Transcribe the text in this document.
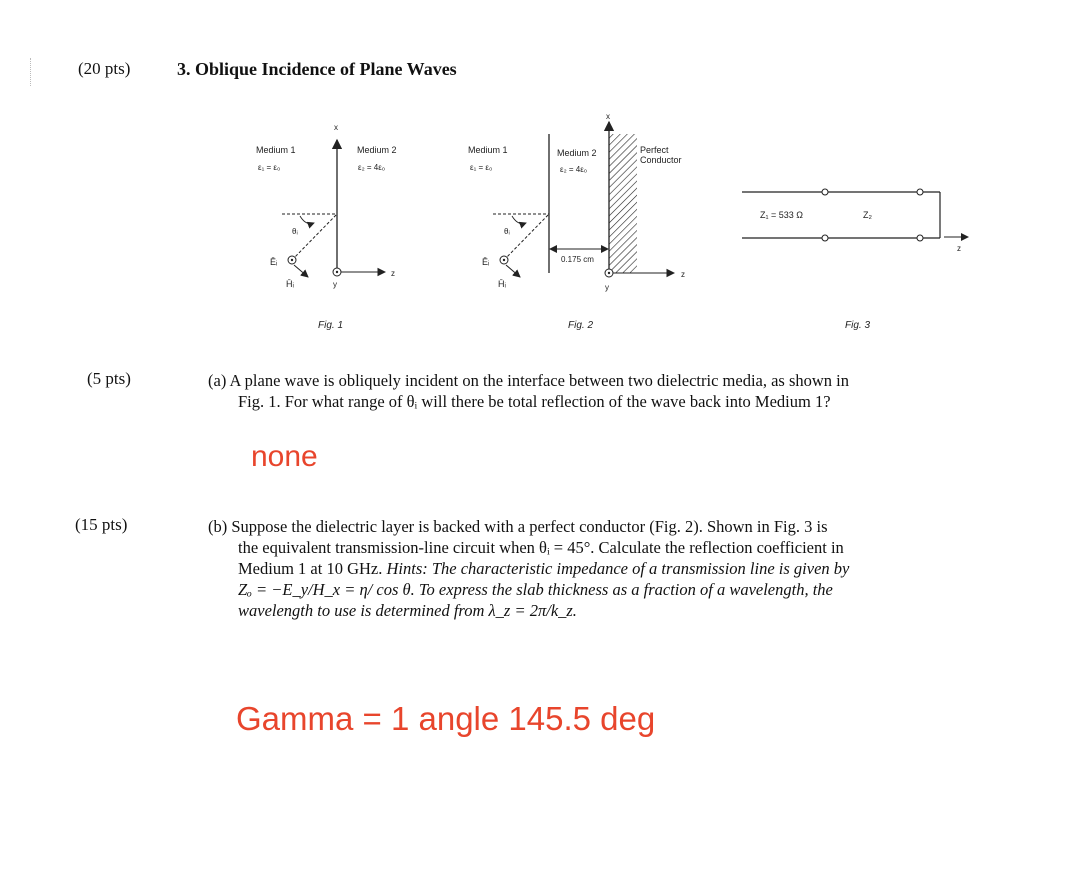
(20 pts)	3. Oblique Incidence of Plane Waves
Medium 1
ε₁ = ε₀
Medium 2
ε₂ = 4ε₀
x
z
y
θᵢ
Ēᵢ
H̄ᵢ
Fig. 1
Medium 1
ε₁ = ε₀
Medium 2
ε₂ = 4ε₀
x
Perfect
Conductor
0.175 cm
z
y
θᵢ
Ēᵢ
H̄ᵢ
Fig. 2
Z₁ = 533 Ω	Z₂
z
Fig. 3
(5 pts)	(a) A plane wave is obliquely incident on the interface between two dielectric media, as shown in
Fig. 1. For what range of θᵢ will there be total reflection of the wave back into Medium 1?
none
(15 pts)	(b) Suppose the dielectric layer is backed with a perfect conductor (Fig. 2). Shown in Fig. 3 is
the equivalent transmission-line circuit when θᵢ = 45°. Calculate the reflection coefficient in
Medium 1 at 10 GHz. Hints: The characteristic impedance of a transmission line is given by
Zₒ = −E_y/H_x = η/ cos θ. To express the slab thickness as a fraction of a wavelength, the
wavelength to use is determined from λ_z = 2π/k_z.
Gamma = 1 angle 145.5 deg
